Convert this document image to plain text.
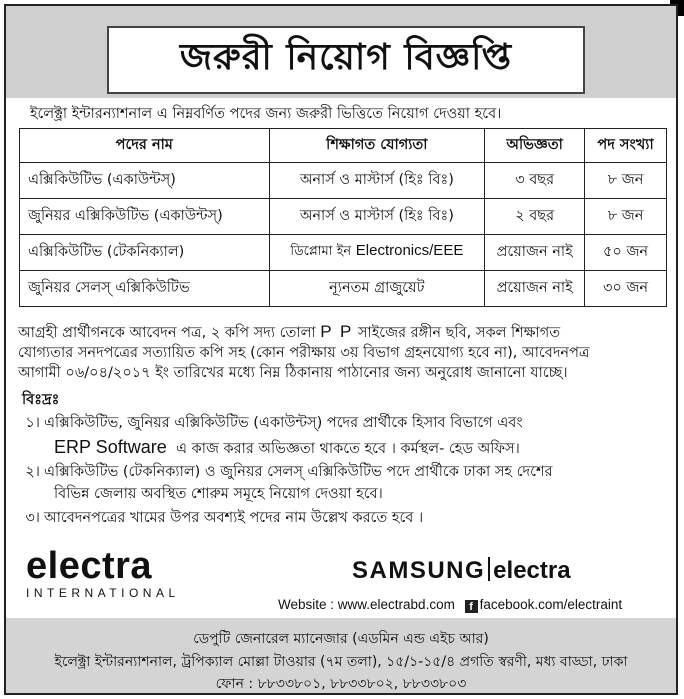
জরুরী নিয়োগ বিজ্ঞপ্তি
ইলেক্ট্রা ইন্টারন্যাশনাল এ নিম্নবর্ণিত পদের জন্য জরুরী ভিত্তিতে নিয়োগ দেওয়া হবে।
পদের নাম	শিক্ষাগত যোগ্যতা	অভিজ্ঞতা	পদ সংখ্যা
এক্সিকিউটিভ (একাউন্টস্)	অনার্স ও মাস্টার্স (হিঃ বিঃ)	৩ বছর	৮ জন
জুনিয়র এক্সিকিউটিভ (একাউন্টস্)	অনার্স ও মাস্টার্স (হিঃ বিঃ)	২ বছর	৮ জন
এক্সিকিউটিভ (টেকনিক্যাল)	ডিপ্লোমা ইন Electronics/EEE	প্রয়োজন নাই	৫০ জন
জুনিয়র সেলস্ এক্সিকিউটিভ	ন্যূনতম গ্রাজুয়েট	প্রয়োজন নাই	৩০ জন
আগ্রহী প্রার্থীগনকে আবেদন পত্র, ২ কপি সদ্য তোলা P P সাইজের রঙ্গীন ছবি, সকল শিক্ষাগত
যোগ্যতার সনদপত্রের সত্যায়িত কপি সহ (কোন পরীক্ষায় ৩য় বিভাগ গ্রহনযোগ্য হবে না), আবেদনপত্র
আগামী ০৬/০৪/২০১৭ ইং তারিখের মধ্যে নিম্ন ঠিকানায় পাঠানোর জন্য অনুরোধ জানানো যাচ্ছে।
বিঃদ্রঃ
১। এক্সিকিউটিভ, জুনিয়র এক্সিকিউটিভ (একাউন্টস্) পদের প্রার্থীকে হিসাব বিভাগে এবং
ERP Software এ কাজ করার অভিজ্ঞতা থাকতে হবে । কর্মস্থল- হেড অফিস।
২। এক্সিকিউটিভ (টেকনিক্যাল) ও জুনিয়র সেলস্ এক্সিকিউটিভ পদে প্রার্থীকে ঢাকা সহ দেশের
বিভিন্ন জেলায় অবস্থিত শোরুম সমূহে নিয়োগ দেওয়া হবে।
৩। আবেদনপত্রের খামের উপর অবশ্যই পদের নাম উল্লেখ করতে হবে ।
electra
INTERNATIONAL
SAMSUNG electra
Website : www.electrabd.com f facebook.com/electraint
ডেপুটি জেনারেল ম্যানেজার (এডমিন এন্ড এইচ আর)
ইলেক্ট্রা ইন্টারন্যাশনাল, ট্রপিক্যাল মোল্লা টাওয়ার (৭ম তলা), ১৫/১-১৫/৪ প্রগতি স্বরণী, মধ্য বাড্ডা, ঢাকা
ফোন : ৮৮৩৩৮০১, ৮৮৩৩৮০২, ৮৮৩৩৮০৩
